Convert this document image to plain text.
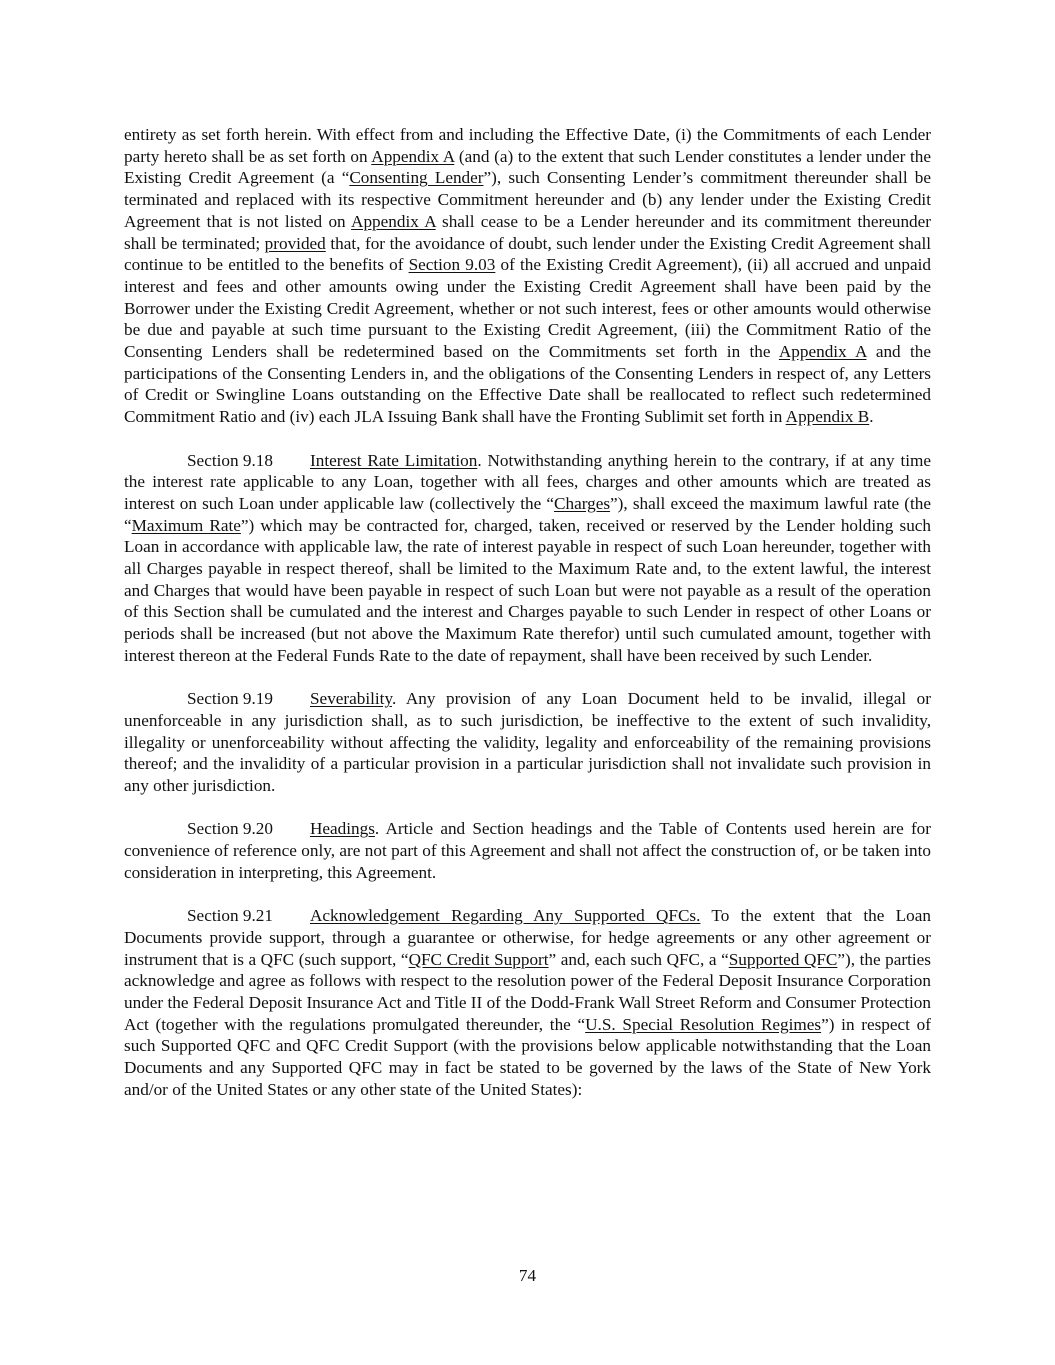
entirety as set forth herein. With effect from and including the Effective Date, (i) the Commitments of each Lender party hereto shall be as set forth on Appendix A (and (a) to the extent that such Lender constitutes a lender under the Existing Credit Agreement (a “Consenting Lender”), such Consenting Lender’s commitment thereunder shall be terminated and replaced with its respective Commitment hereunder and (b) any lender under the Existing Credit Agreement that is not listed on Appendix A shall cease to be a Lender hereunder and its commitment thereunder shall be terminated; provided that, for the avoidance of doubt, such lender under the Existing Credit Agreement shall continue to be entitled to the benefits of Section 9.03 of the Existing Credit Agreement), (ii) all accrued and unpaid interest and fees and other amounts owing under the Existing Credit Agreement shall have been paid by the Borrower under the Existing Credit Agreement, whether or not such interest, fees or other amounts would otherwise be due and payable at such time pursuant to the Existing Credit Agreement, (iii) the Commitment Ratio of the Consenting Lenders shall be redetermined based on the Commitments set forth in the Appendix A and the participations of the Consenting Lenders in, and the obligations of the Consenting Lenders in respect of, any Letters of Credit or Swingline Loans outstanding on the Effective Date shall be reallocated to reflect such redetermined Commitment Ratio and (iv) each JLA Issuing Bank shall have the Fronting Sublimit set forth in Appendix B.

Section 9.18 Interest Rate Limitation. Notwithstanding anything herein to the contrary, if at any time the interest rate applicable to any Loan, together with all fees, charges and other amounts which are treated as interest on such Loan under applicable law (collectively the “Charges”), shall exceed the maximum lawful rate (the “Maximum Rate”) which may be contracted for, charged, taken, received or reserved by the Lender holding such Loan in accordance with applicable law, the rate of interest payable in respect of such Loan hereunder, together with all Charges payable in respect thereof, shall be limited to the Maximum Rate and, to the extent lawful, the interest and Charges that would have been payable in respect of such Loan but were not payable as a result of the operation of this Section shall be cumulated and the interest and Charges payable to such Lender in respect of other Loans or periods shall be increased (but not above the Maximum Rate therefor) until such cumulated amount, together with interest thereon at the Federal Funds Rate to the date of repayment, shall have been received by such Lender.

Section 9.19 Severability. Any provision of any Loan Document held to be invalid, illegal or unenforceable in any jurisdiction shall, as to such jurisdiction, be ineffective to the extent of such invalidity, illegality or unenforceability without affecting the validity, legality and enforceability of the remaining provisions thereof; and the invalidity of a particular provision in a particular jurisdiction shall not invalidate such provision in any other jurisdiction.

Section 9.20 Headings. Article and Section headings and the Table of Contents used herein are for convenience of reference only, are not part of this Agreement and shall not affect the construction of, or be taken into consideration in interpreting, this Agreement.

Section 9.21 Acknowledgement Regarding Any Supported QFCs. To the extent that the Loan Documents provide support, through a guarantee or otherwise, for hedge agreements or any other agreement or instrument that is a QFC (such support, “QFC Credit Support” and, each such QFC, a “Supported QFC”), the parties acknowledge and agree as follows with respect to the resolution power of the Federal Deposit Insurance Corporation under the Federal Deposit Insurance Act and Title II of the Dodd-Frank Wall Street Reform and Consumer Protection Act (together with the regulations promulgated thereunder, the “U.S. Special Resolution Regimes”) in respect of such Supported QFC and QFC Credit Support (with the provisions below applicable notwithstanding that the Loan Documents and any Supported QFC may in fact be stated to be governed by the laws of the State of New York and/or of the United States or any other state of the United States):

74
